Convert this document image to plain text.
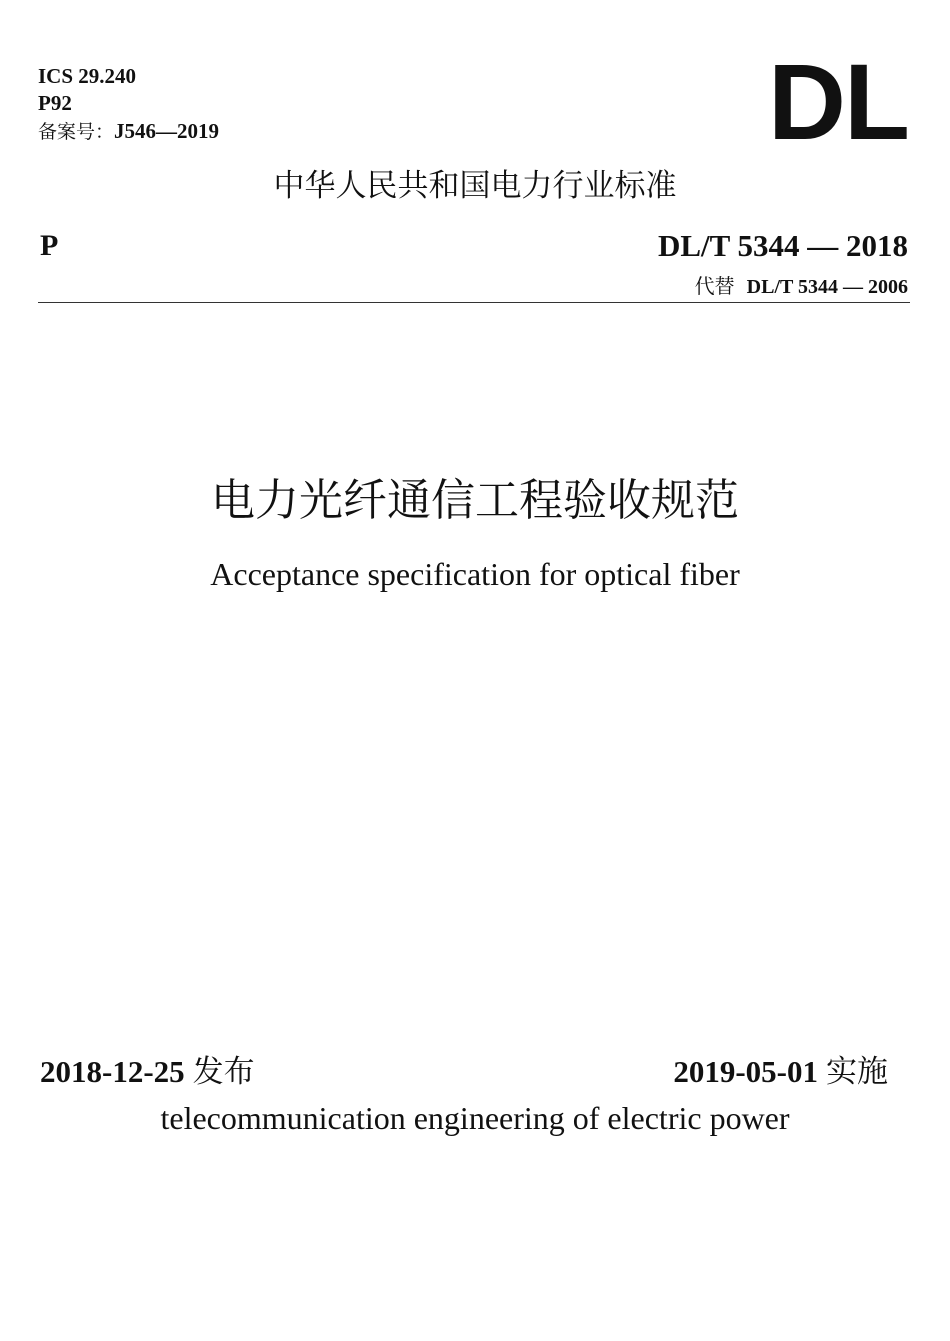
ICS 29.240
P92
备案号：J546—2019	DL
中华人民共和国电力行业标准
P	DL/T 5344 — 2018
代替 DL/T 5344 — 2006
电力光纤通信工程验收规范
Acceptance specification for optical fiber
2018-12-25 发布	2019-05-01 实施
telecommunication engineering of electric power
